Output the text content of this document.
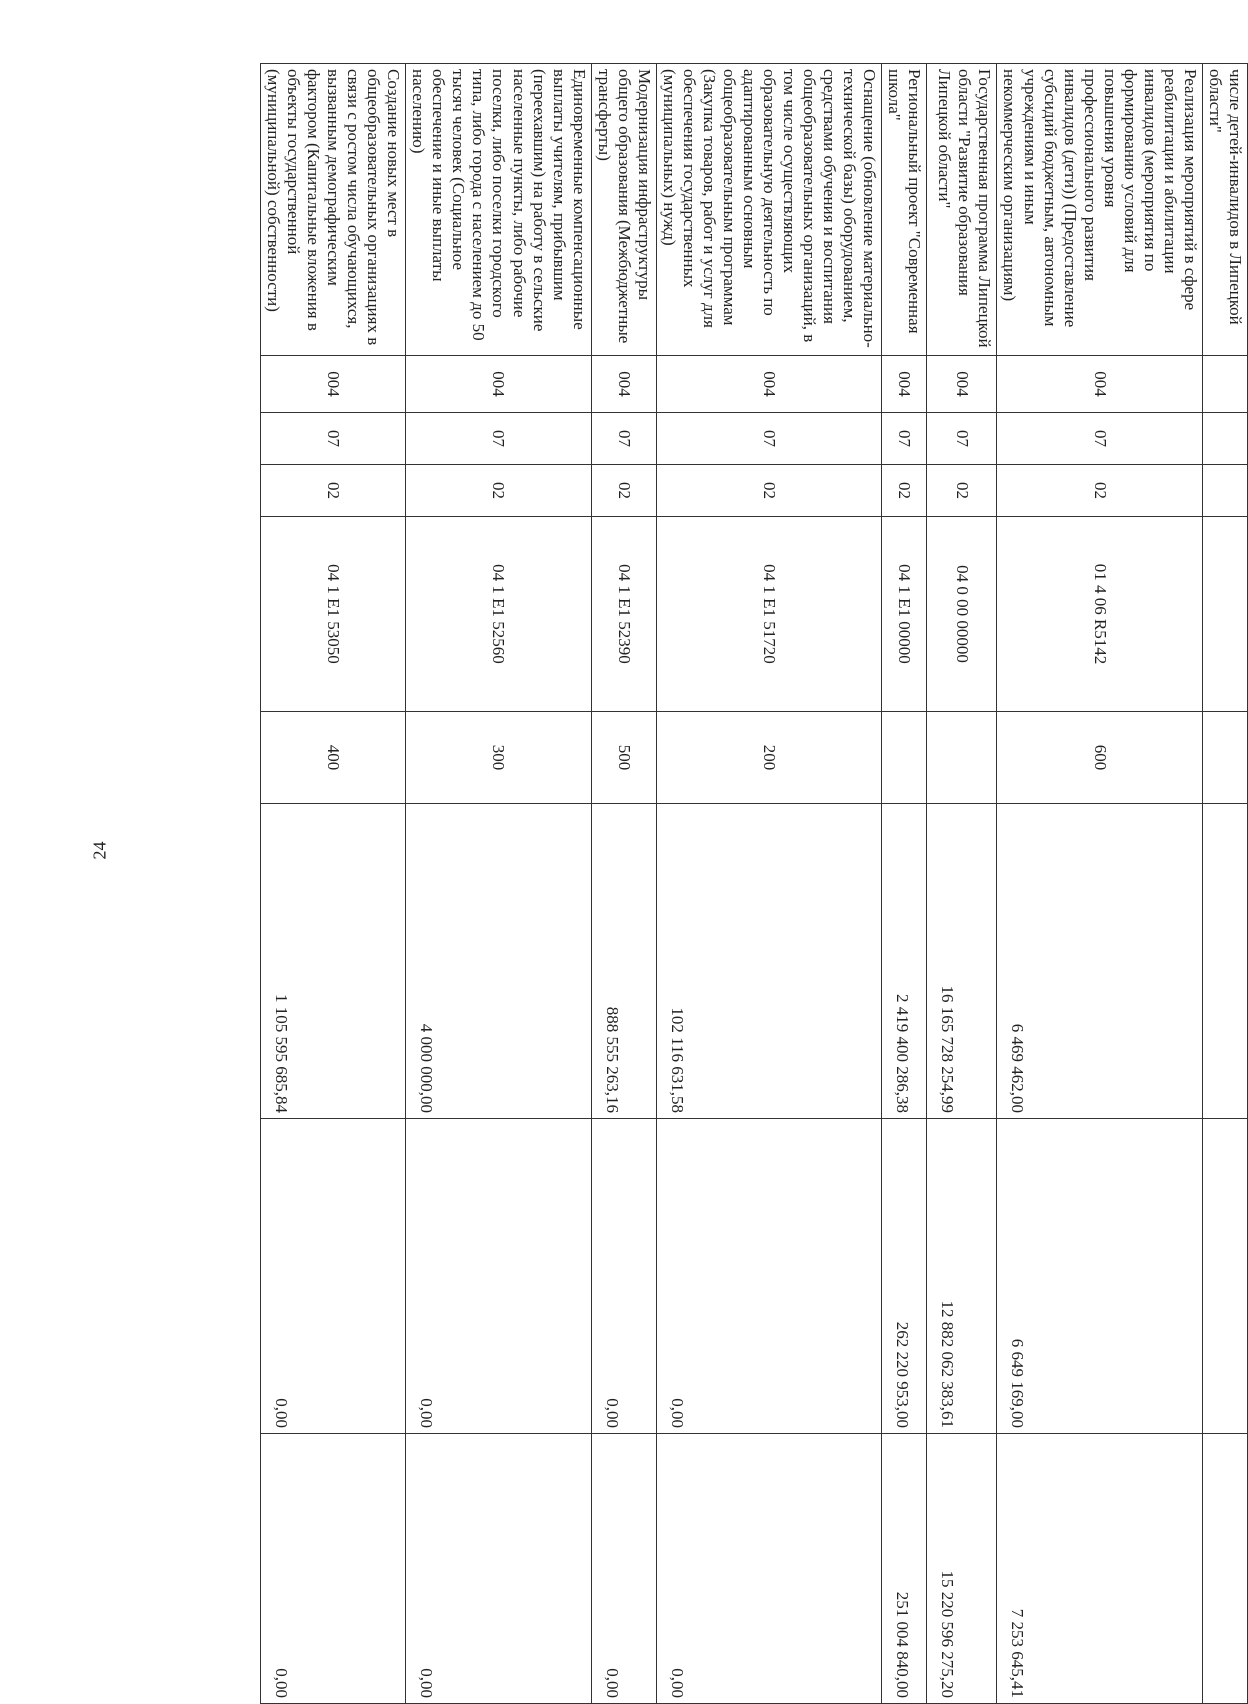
24
числе детей-инвалидов в Липецкой области"								
Реализация мероприятий в сфере реабилитации и абилитации инвалидов (мероприятия по формированию условий для повышения уровня профессионального развития инвалидов (дети)) (Предоставление субсидий бюджетным, автономным учреждениям и иным некоммерческим организациям)	004	07	02	01 4 06 R5142	600	6 469 462,00	6 649 169,00	7 253 645,41
Государственная программа Липецкой области "Развитие образования Липецкой области"	004	07	02	04 0 00 00000		16 165 728 254,99	12 882 062 383,61	15 220 596 275,20
Региональный проект "Современная школа"	004	07	02	04 1 E1 00000		2 419 400 286,38	262 220 953,00	251 004 840,00
Оснащение (обновление материально-технической базы) оборудованием, средствами обучения и воспитания общеобразовательных организаций, в том числе осуществляющих образовательную деятельность по адаптированным основным общеобразовательным программам (Закупка товаров, работ и услуг для обеспечения государственных (муниципальных) нужд)	004	07	02	04 1 E1 51720	200	102 116 631,58	0,00	0,00
Модернизация инфраструктуры общего образования (Межбюджетные трансферты)	004	07	02	04 1 E1 52390	500	888 555 263,16	0,00	0,00
Единовременные компенсационные выплаты учителям, прибывшим (переехавшим) на работу в сельские населенные пункты, либо рабочие поселки, либо поселки городского типа, либо города с населением до 50 тысяч человек (Социальное обеспечение и иные выплаты населению)	004	07	02	04 1 E1 52560	300	4 000 000,00	0,00	0,00
Создание новых мест в общеобразовательных организациях в связи с ростом числа обучающихся, вызванным демографическим фактором (Капитальные вложения в объекты государственной (муниципальной) собственности)	004	07	02	04 1 E1 53050	400	1 105 595 685,84	0,00	0,00
